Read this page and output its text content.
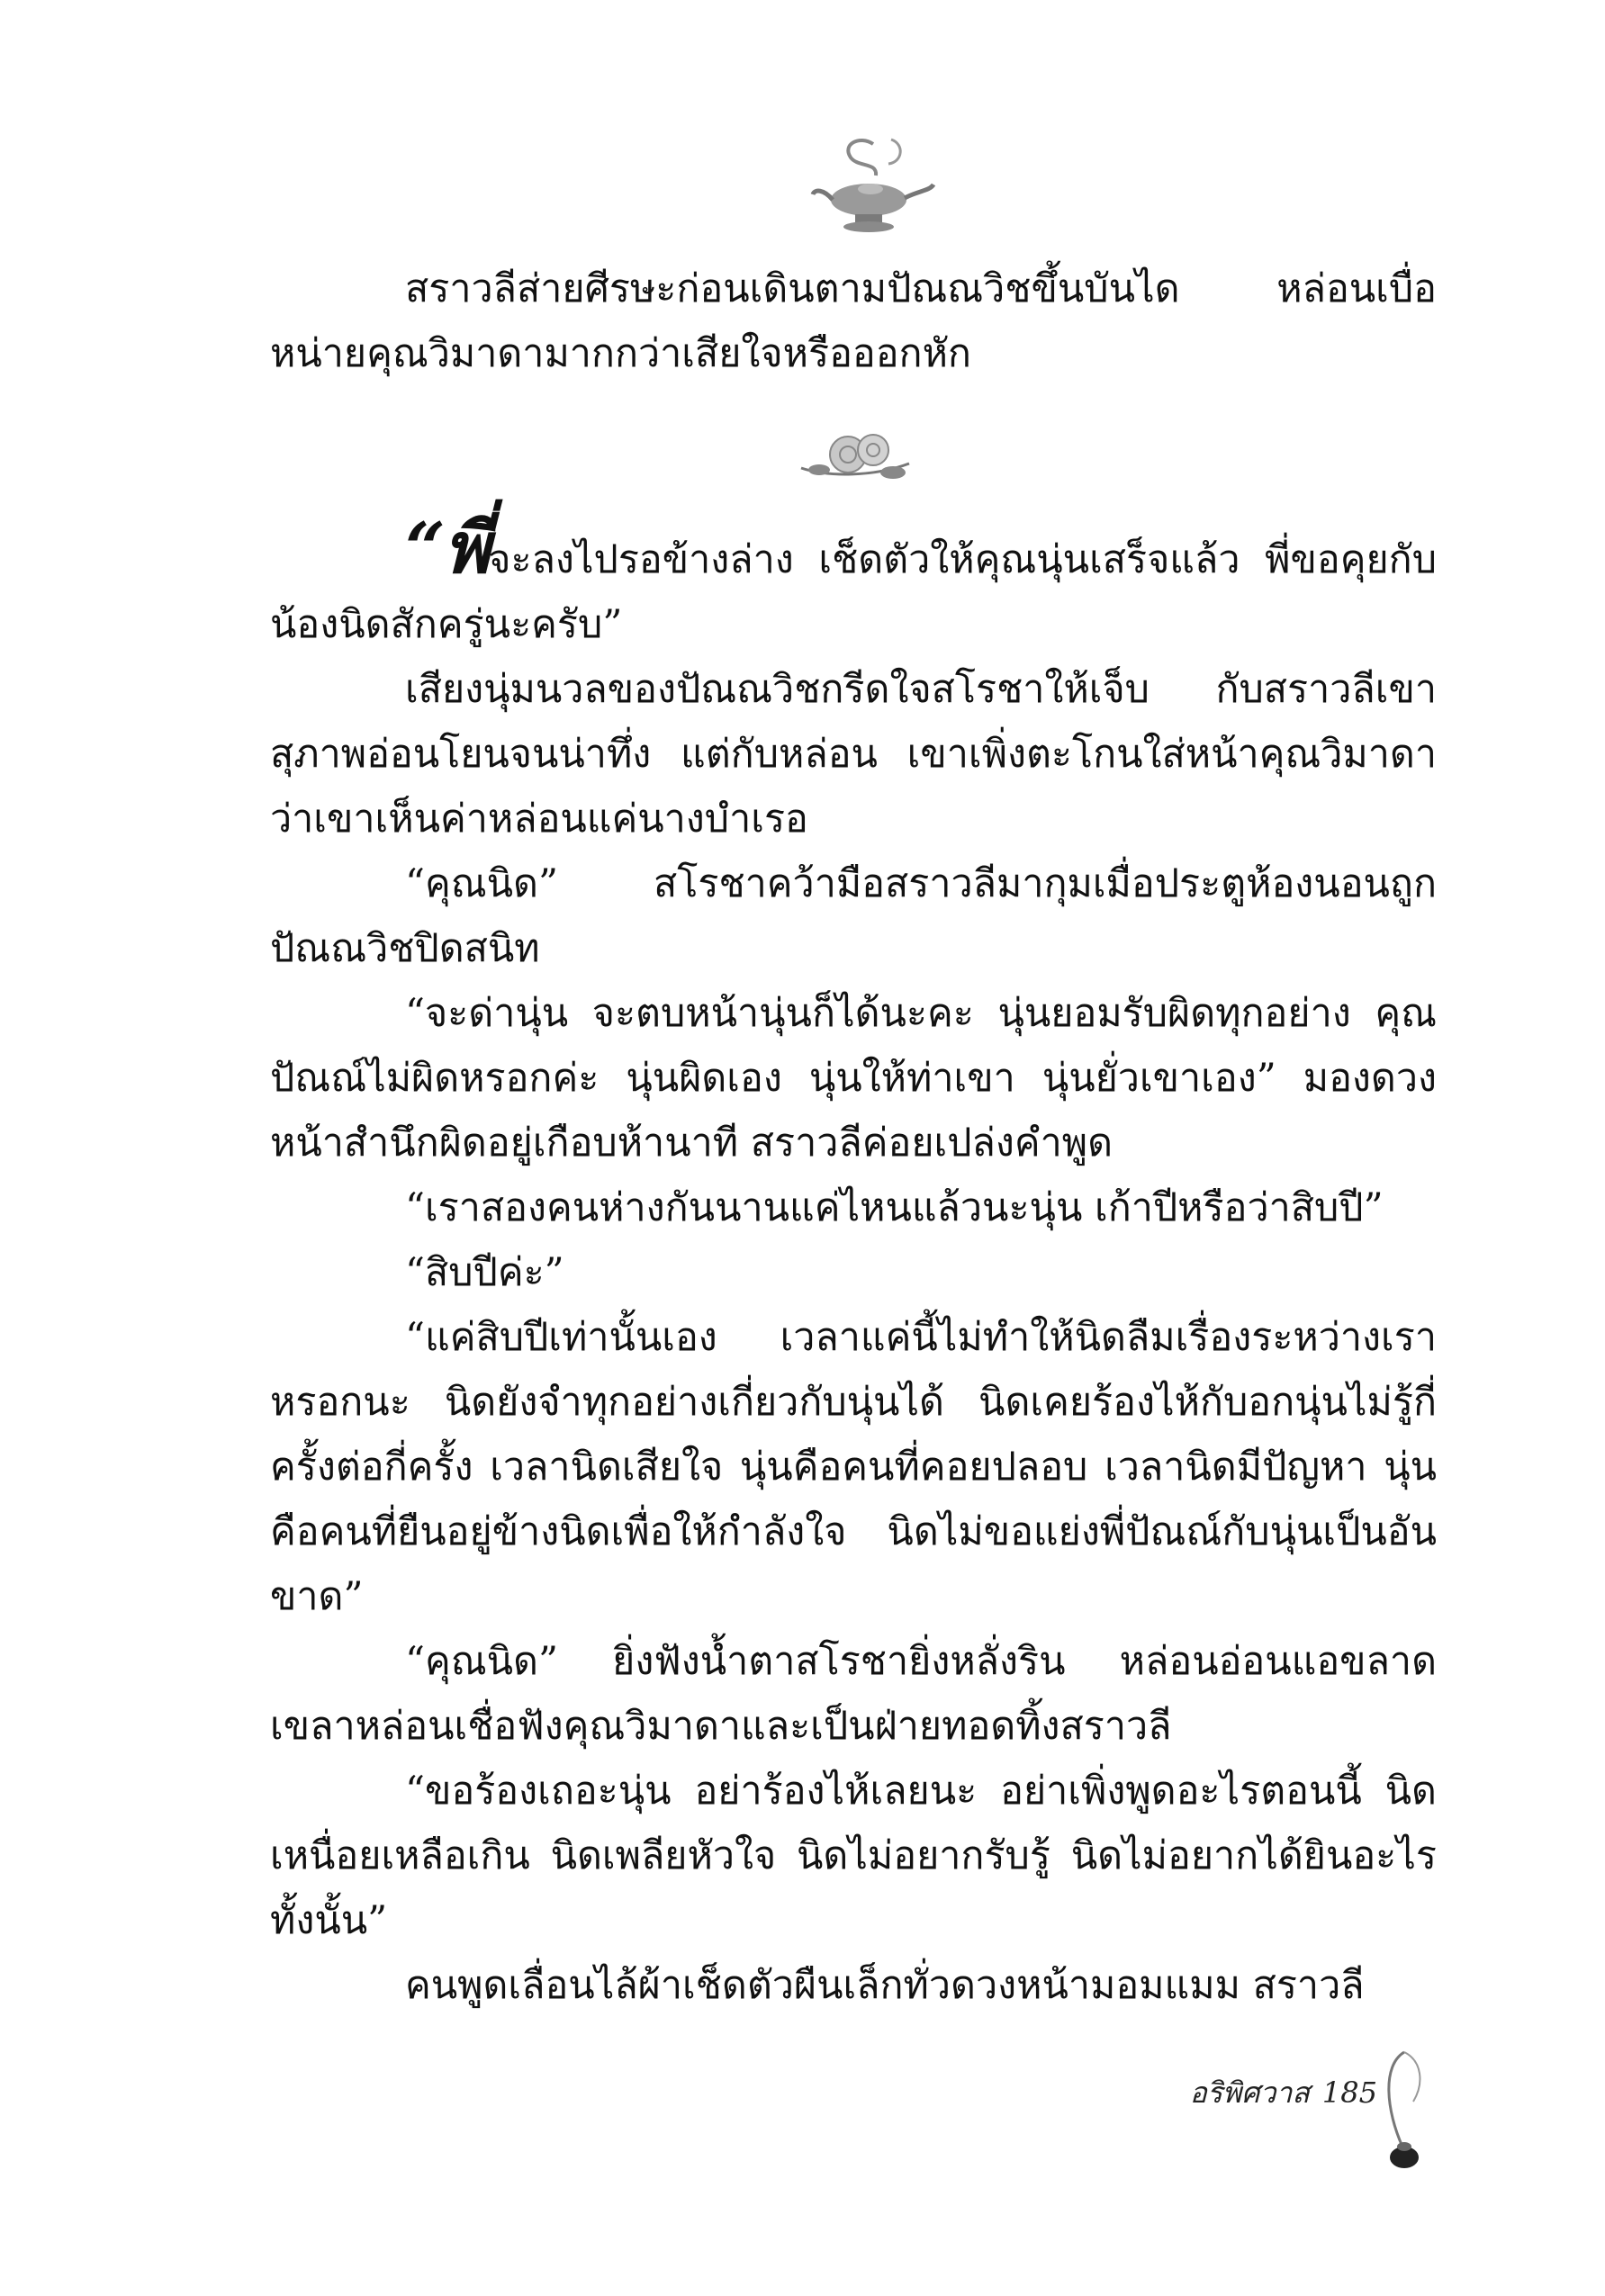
สราวลีส่ายศีรษะก่อนเดินตามปัณณวิชขึ้นบันได หล่อนเบื่อหน่ายคุณวิมาดามากกว่าเสียใจหรือออกหัก

“พี่จะลงไปรอข้างล่าง เช็ดตัวให้คุณนุ่นเสร็จแล้ว พี่ขอคุยกับน้องนิดสักครู่นะครับ”

เสียงนุ่มนวลของปัณณวิชกรีดใจสโรชาให้เจ็บ กับสราวลีเขาสุภาพอ่อนโยนจนน่าทึ่ง แต่กับหล่อน เขาเพิ่งตะโกนใส่หน้าคุณวิมาดาว่าเขาเห็นค่าหล่อนแค่นางบำเรอ

“คุณนิด” สโรชาคว้ามือสราวลีมากุมเมื่อประตูห้องนอนถูกปัณณวิชปิดสนิท

“จะด่านุ่น จะตบหน้านุ่นก็ได้นะคะ นุ่นยอมรับผิดทุกอย่าง คุณปัณณ์ไม่ผิดหรอกค่ะ นุ่นผิดเอง นุ่นให้ท่าเขา นุ่นยั่วเขาเอง” มองดวงหน้าสำนึกผิดอยู่เกือบห้านาที สราวลีค่อยเปล่งคำพูด

“เราสองคนห่างกันนานแค่ไหนแล้วนะนุ่น เก้าปีหรือว่าสิบปี”

“สิบปีค่ะ”

“แค่สิบปีเท่านั้นเอง เวลาแค่นี้ไม่ทำให้นิดลืมเรื่องระหว่างเราหรอกนะ นิดยังจำทุกอย่างเกี่ยวกับนุ่นได้ นิดเคยร้องไห้กับอกนุ่นไม่รู้กี่ครั้งต่อกี่ครั้ง เวลานิดเสียใจ นุ่นคือคนที่คอยปลอบ เวลานิดมีปัญหา นุ่นคือคนที่ยืนอยู่ข้างนิดเพื่อให้กำลังใจ นิดไม่ขอแย่งพี่ปัณณ์กับนุ่นเป็นอันขาด”

“คุณนิด” ยิ่งฟังน้ำตาสโรชายิ่งหลั่งริน หล่อนอ่อนแอขลาดเขลาหล่อนเชื่อฟังคุณวิมาดาและเป็นฝ่ายทอดทิ้งสราวลี

“ขอร้องเถอะนุ่น อย่าร้องไห้เลยนะ อย่าเพิ่งพูดอะไรตอนนี้ นิดเหนื่อยเหลือเกิน นิดเพลียหัวใจ นิดไม่อยากรับรู้ นิดไม่อยากได้ยินอะไรทั้งนั้น”

คนพูดเลื่อนไล้ผ้าเช็ดตัวผืนเล็กทั่วดวงหน้ามอมแมม สราวลี

อริพิศวาส 185
